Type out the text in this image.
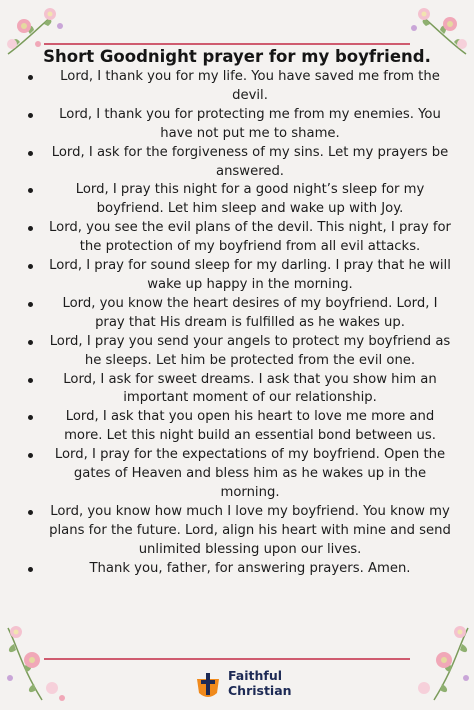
Short Goodnight prayer for my boyfriend.
Lord, I thank you for my life. You have saved me from the devil.
Lord, I thank you for protecting me from my enemies. You have not put me to shame.
Lord, I ask for the forgiveness of my sins. Let my prayers be answered.
Lord, I pray this night for a good night’s sleep for my boyfriend. Let him sleep and wake up with Joy.
Lord, you see the evil plans of the devil. This night, I pray for the protection of my boyfriend from all evil attacks.
Lord, I pray for sound sleep for my darling. I pray that he will wake up happy in the morning.
Lord, you know the heart desires of my boyfriend. Lord, I pray that His dream is fulfilled as he wakes up.
Lord, I pray you send your angels to protect my boyfriend as he sleeps. Let him be protected from the evil one.
Lord, I ask for sweet dreams. I ask that you show him an important moment of our relationship.
Lord, I ask that you open his heart to love me more and more. Let this night build an essential bond between us.
Lord, I pray for the expectations of my boyfriend. Open the gates of Heaven and bless him as he wakes up in the morning.
Lord, you know how much I love my boyfriend. You know my plans for the future. Lord, align his heart with mine and send unlimited blessing upon our lives.
Thank you, father, for answering prayers. Amen.
Faithful
Christian
